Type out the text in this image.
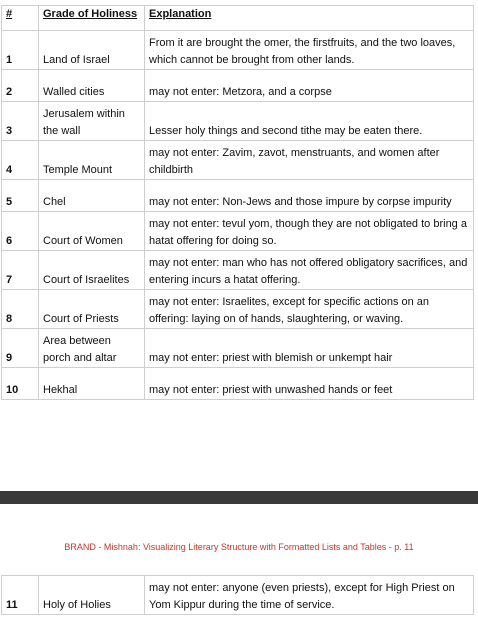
#	Grade of Holiness	Explanation
1	Land of Israel	From it are brought the omer, the firstfruits, and the two loaves, which cannot be brought from other lands.
2	Walled cities	may not enter: Metzora, and a corpse
3	Jerusalem within the wall	Lesser holy things and second tithe may be eaten there.
4	Temple Mount	may not enter: Zavim, zavot, menstruants, and women after childbirth
5	Chel	may not enter: Non-Jews and those impure by corpse impurity
6	Court of Women	may not enter: tevul yom, though they are not obligated to bring a hatat offering for doing so.
7	Court of Israelites	may not enter: man who has not offered obligatory sacrifices, and entering incurs a hatat offering.
8	Court of Priests	may not enter: Israelites, except for specific actions on an offering: laying on of hands, slaughtering, or waving.
9	Area between porch and altar	may not enter: priest with blemish or unkempt hair
10	Hekhal	may not enter: priest with unwashed hands or feet
BRAND - Mishnah: Visualizing Literary Structure with Formatted Lists and Tables - p. 11
11	Holy of Holies	may not enter: anyone (even priests), except for High Priest on Yom Kippur during the time of service.
